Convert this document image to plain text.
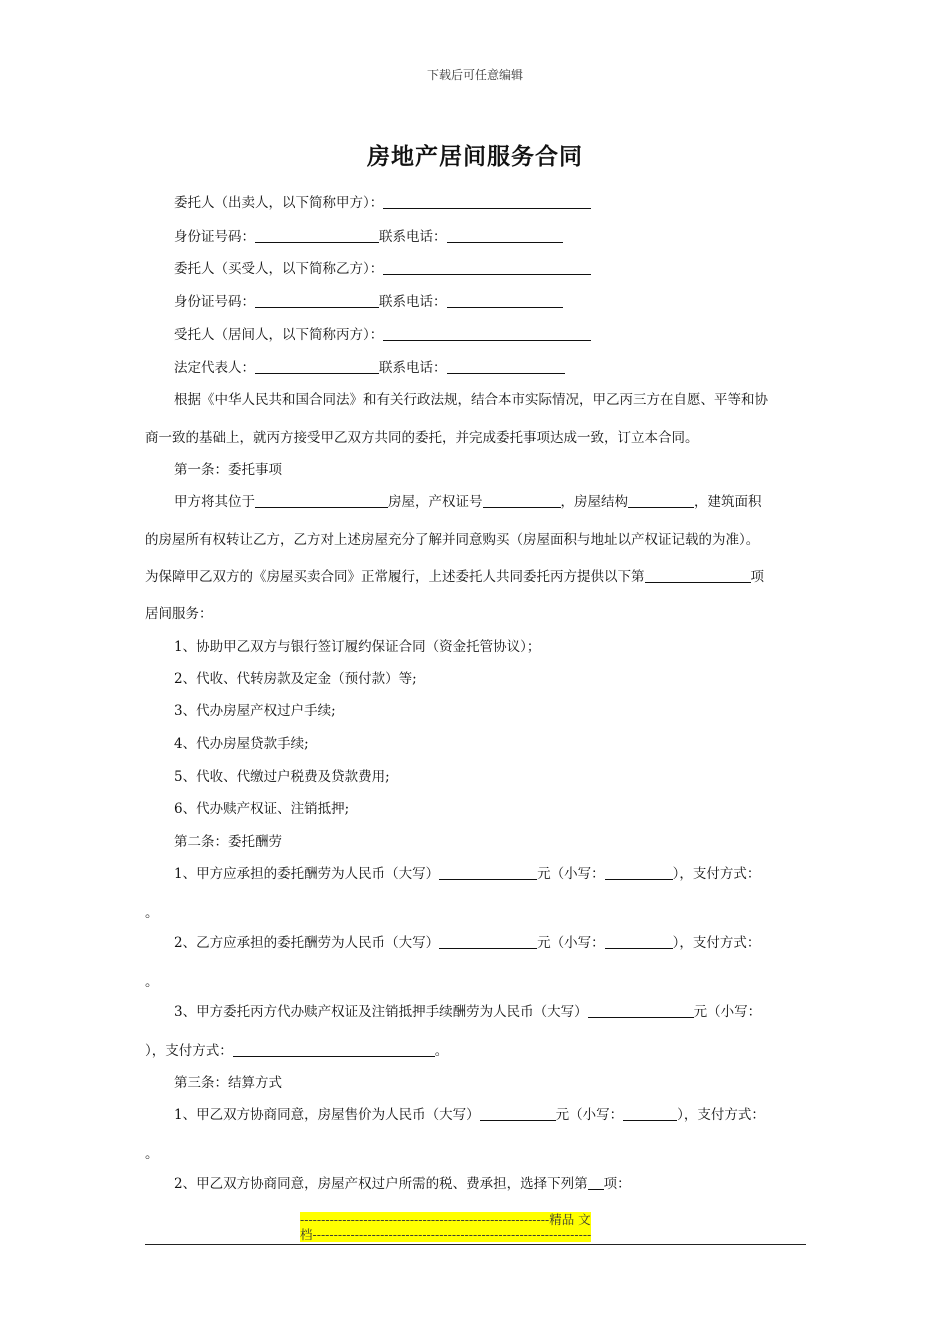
下载后可任意编辑
房地产居间服务合同
委托人（出卖人，以下简称甲方）：
身份证号码：	联系电话：
委托人（买受人，以下简称乙方）：
身份证号码：	联系电话：
受托人（居间人，以下简称丙方）：
法定代表人：	联系电话：
根据《中华人民共和国合同法》和有关行政法规，结合本市实际情况，甲乙丙三方在自愿、平等和协
商一致的基础上，就丙方接受甲乙双方共同的委托，并完成委托事项达成一致，订立本合同。
第一条：委托事项
甲方将其位于	房屋，产权证号	，房屋结构	，建筑面积
的房屋所有权转让乙方，乙方对上述房屋充分了解并同意购买（房屋面积与地址以产权证记载的为准）。
为保障甲乙双方的《房屋买卖合同》正常履行，上述委托人共同委托丙方提供以下第	项
居间服务：
1、协助甲乙双方与银行签订履约保证合同（资金托管协议）；
2、代收、代转房款及定金（预付款）等;
3、代办房屋产权过户手续;
4、代办房屋贷款手续;
5、代收、代缴过户税费及贷款费用;
6、代办赎产权证、注销抵押;
第二条：委托酬劳
1、甲方应承担的委托酬劳为人民币（大写）	元（小写：	），支付方式：
。
2、乙方应承担的委托酬劳为人民币（大写）	元（小写：	），支付方式：
。
3、甲方委托丙方代办赎产权证及注销抵押手续酬劳为人民币（大写）	元（小写：
），支付方式：	。
第三条：结算方式
1、甲乙双方协商同意，房屋售价为人民币（大写）	元（小写：	），支付方式：
。
2、甲乙双方协商同意，房屋产权过户所需的税、费承担，选择下列第 项：
-----------------------------------------------------------精品 文
档------------------------------------------------------------------
